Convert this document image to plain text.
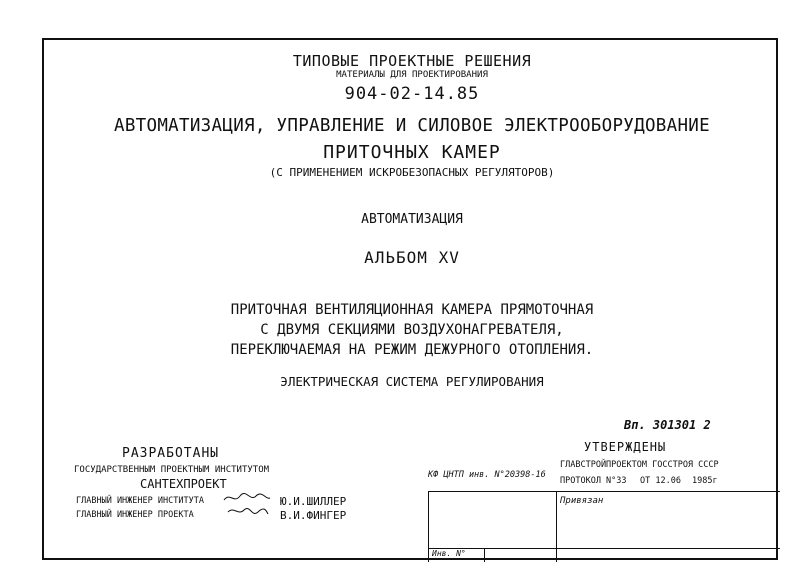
ТИПОВЫЕ ПРОЕКТНЫЕ РЕШЕНИЯ
МАТЕРИАЛЫ ДЛЯ ПРОЕКТИРОВАНИЯ
904-02-14.85
АВТОМАТИЗАЦИЯ, УПРАВЛЕНИЕ И СИЛОВОЕ ЭЛЕКТРООБОРУДОВАНИЕ
ПРИТОЧНЫХ КАМЕР
(С ПРИМЕНЕНИЕМ ИСКРОБЕЗОПАСНЫХ РЕГУЛЯТОРОВ)
АВТОМАТИЗАЦИЯ
АЛЬБОМ XV
ПРИТОЧНАЯ ВЕНТИЛЯЦИОННАЯ КАМЕРА ПРЯМОТОЧНАЯ
С ДВУМЯ СЕКЦИЯМИ ВОЗДУХОНАГРЕВАТЕЛЯ,
ПЕРЕКЛЮЧАЕМАЯ НА РЕЖИМ ДЕЖУРНОГО ОТОПЛЕНИЯ.
ЭЛЕКТРИЧЕСКАЯ СИСТЕМА РЕГУЛИРОВАНИЯ
Вп. 301301 2
РАЗРАБОТАНЫ
ГОСУДАРСТВЕННЫМ ПРОЕКТНЫМ ИНСТИТУТОМ
САНТЕХПРОЕКТ
ГЛАВНЫЙ ИНЖЕНЕР ИНСТИТУТА
ГЛАВНЫЙ ИНЖЕНЕР ПРОЕКТА
Ю.И.ШИЛЛЕР
В.И.ФИНГЕР
УТВЕРЖДЕНЫ
ГЛАВСТРОЙПРОЕКТОМ ГОССТРОЯ СССР
ПРОТОКОЛ N°33 ОТ 12.06 1985г
КФ ЦНТП инв. N°20398-16
Привязан
Инв. N°
